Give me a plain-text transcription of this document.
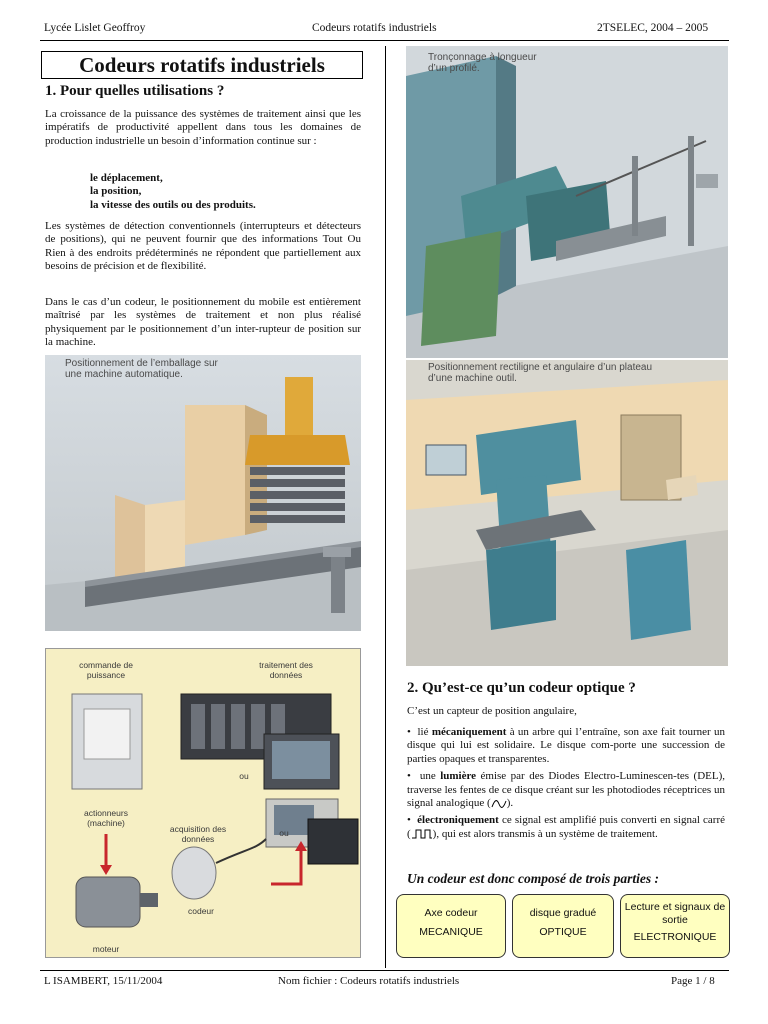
Lycée Lislet Geoffroy	Codeurs rotatifs industriels	2TSELEC, 2004 – 2005
Codeurs rotatifs industriels
1. Pour quelles utilisations ?

La croissance de la puissance des systèmes de traitement ainsi que les impératifs de productivité appellent dans tous les domaines de production industrielle un besoin d’information continue sur :

le déplacement,
la position,
la vitesse des outils ou des produits.

Les systèmes de détection conventionnels (interrupteurs et détecteurs de positions), qui ne peuvent fournir que des informations Tout Ou Rien à des endroits prédéterminés ne répondent que partiellement aux besoins de précision et de flexibilité.

Dans le cas d’un codeur, le positionnement du mobile est entièrement maîtrisé par les systèmes de traitement et non plus réalisé physiquement par le positionnement d’un inter-rupteur de position sur la machine.

Positionnement de l’emballage sur une machine automatique.
commande de puissance
traitement des données
ou
ou
actionneurs (machine)
acquisition des données
codeur
moteur
Tronçonnage à longueur d’un profilé.
Positionnement rectiligne et angulaire d’un plateau d’une machine outil.
2. Qu’est-ce qu’un codeur optique ?

C’est un capteur de position angulaire,

•  lié mécaniquement à un arbre qui l’entraîne, son axe fait tourner un disque qui lui est solidaire. Le disque com-porte une succession de parties opaques et transparentes.

•  une lumière émise par des Diodes Electro-Luminescen-tes (DEL), traverse les fentes de ce disque créant sur les photodiodes réceptrices un signal analogique ( ).

•  électroniquement ce signal est amplifié puis converti en signal carré ( ), qui est alors transmis à un système de traitement.

Un codeur est donc composé de trois parties :
Axe codeur
MECANIQUE
disque gradué
OPTIQUE
Lecture et signaux de sortie
ELECTRONIQUE
L ISAMBERT, 15/11/2004	Nom fichier : Codeurs rotatifs industriels	Page 1 / 8
